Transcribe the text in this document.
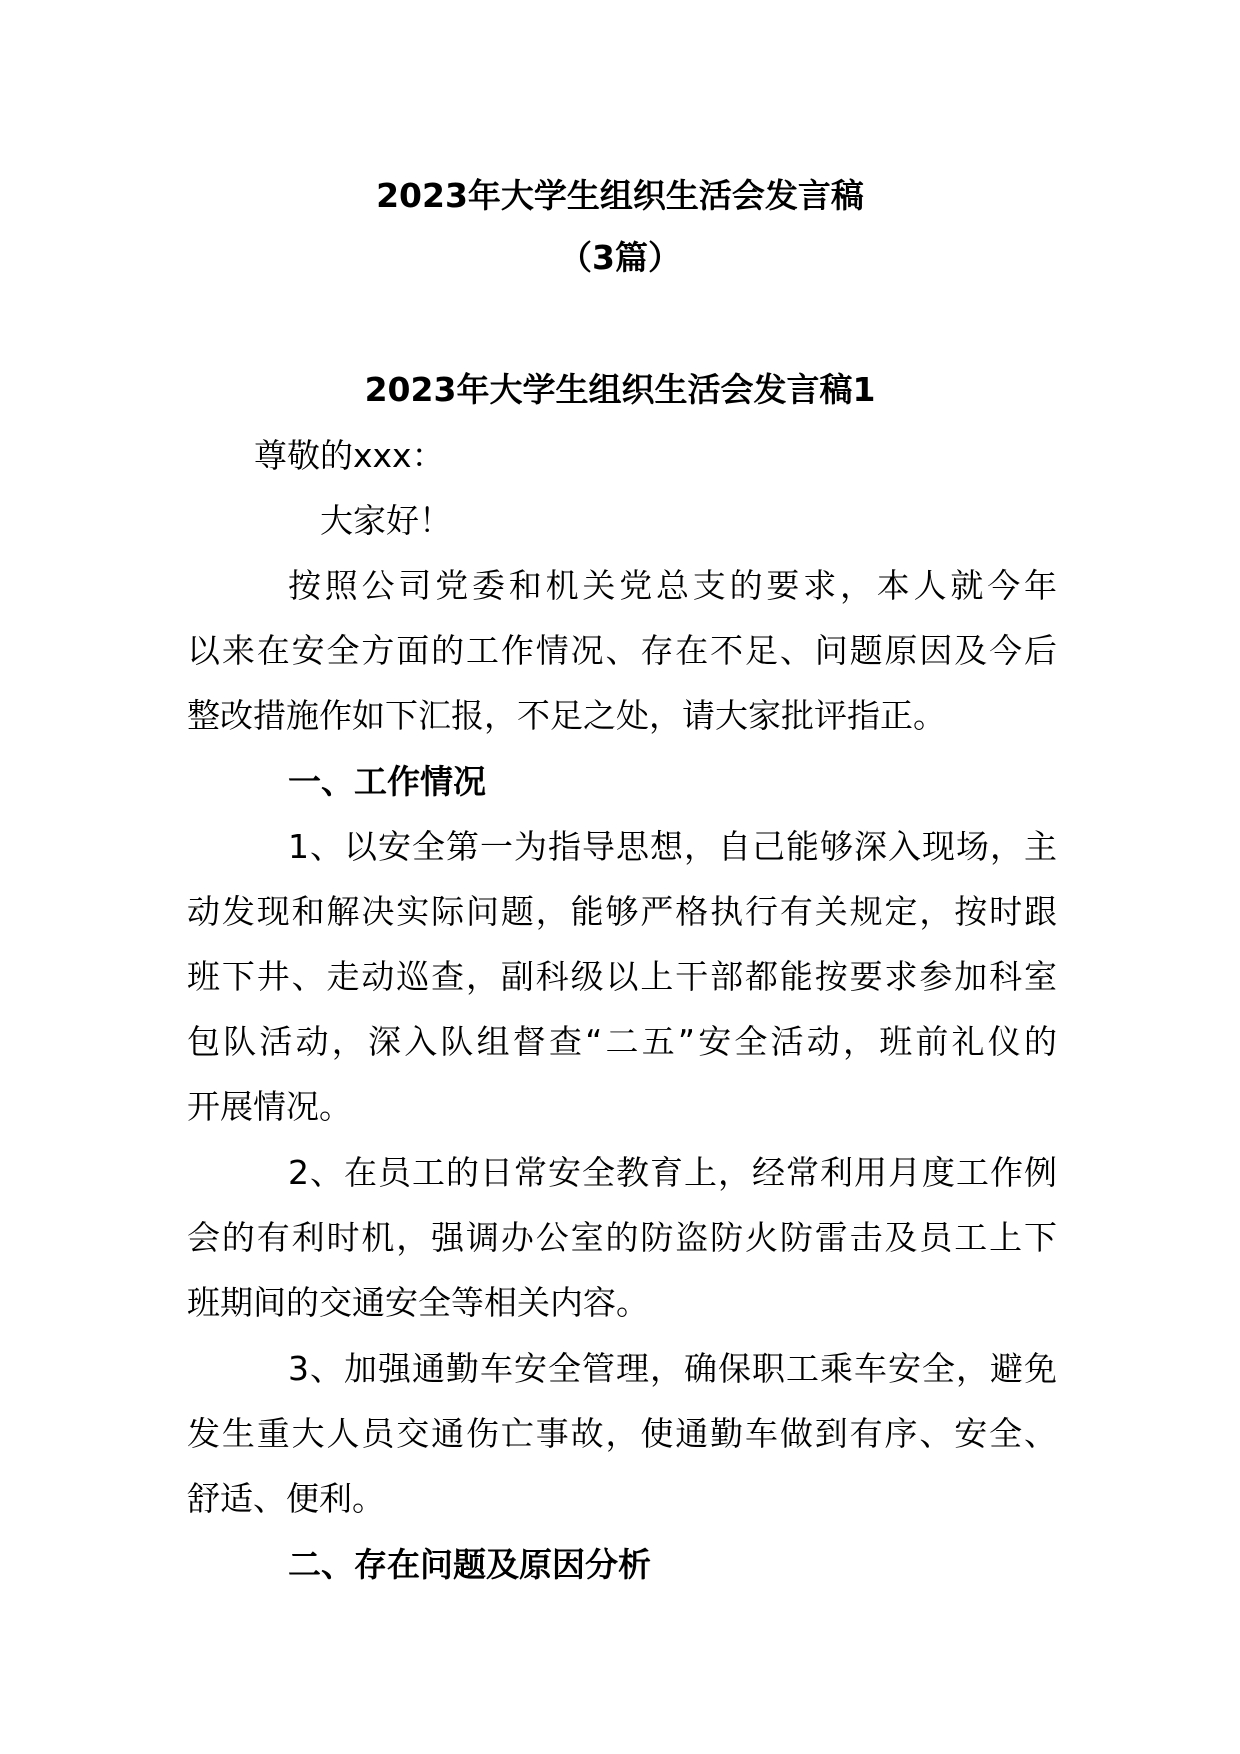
2023年大学生组织生活会发言稿
（3篇）
2023年大学生组织生活会发言稿1
尊敬的xxx：
大家好！
按照公司党委和机关党总支的要求，本人就今年
以来在安全方面的工作情况、存在不足、问题原因及今后
整改措施作如下汇报，不足之处，请大家批评指正。
一、工作情况
1、以安全第一为指导思想，自己能够深入现场，主
动发现和解决实际问题，能够严格执行有关规定，按时跟
班下井、走动巡查，副科级以上干部都能按要求参加科室
包队活动，深入队组督查“二五”安全活动，班前礼仪的
开展情况。
2、在员工的日常安全教育上，经常利用月度工作例
会的有利时机，强调办公室的防盗防火防雷击及员工上下
班期间的交通安全等相关内容。
3、加强通勤车安全管理，确保职工乘车安全，避免
发生重大人员交通伤亡事故，使通勤车做到有序、安全、
舒适、便利。
二、存在问题及原因分析
